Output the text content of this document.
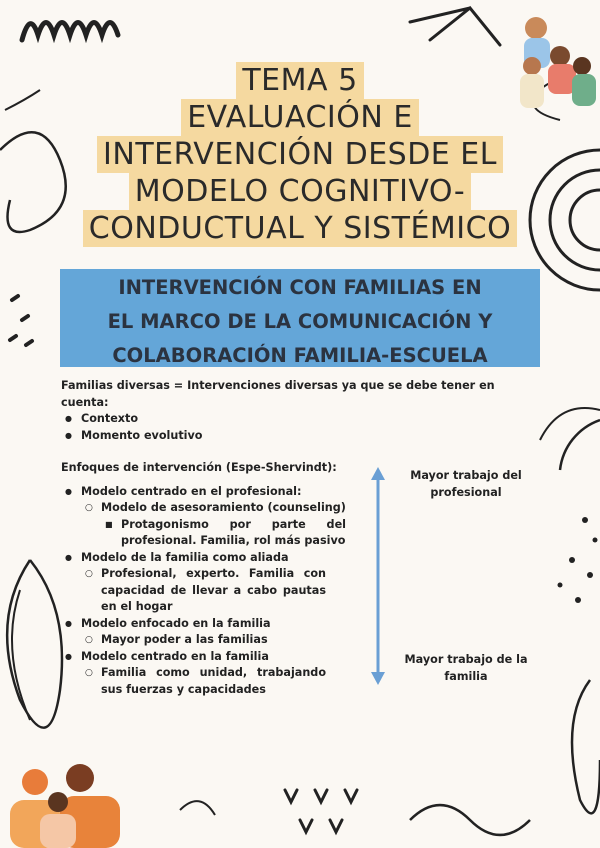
TEMA 5
EVALUACIÓN E
INTERVENCIÓN DESDE EL
MODELO COGNITIVO-
CONDUCTUAL Y SISTÉMICO
INTERVENCIÓN CON FAMILIAS EN
EL MARCO DE LA COMUNICACIÓN Y
COLABORACIÓN FAMILIA-ESCUELA

Familias diversas = Intervenciones diversas ya que se debe tener en cuenta:

● Contexto
● Momento evolutivo

Enfoques de intervención (Espe-Shervindt):

● Modelo centrado en el profesional:
○ Modelo de asesoramiento (counseling)
■ Protagonismo por parte del profesional. Familia, rol más pasivo
● Modelo de la familia como aliada
○ Profesional, experto. Familia con capacidad de llevar a cabo pautas en el hogar
● Modelo enfocado en la familia
○ Mayor poder a las familias
● Modelo centrado en la familia
○ Familia como unidad, trabajando sus fuerzas y capacidades
Mayor trabajo del profesional
Mayor trabajo de la familia
